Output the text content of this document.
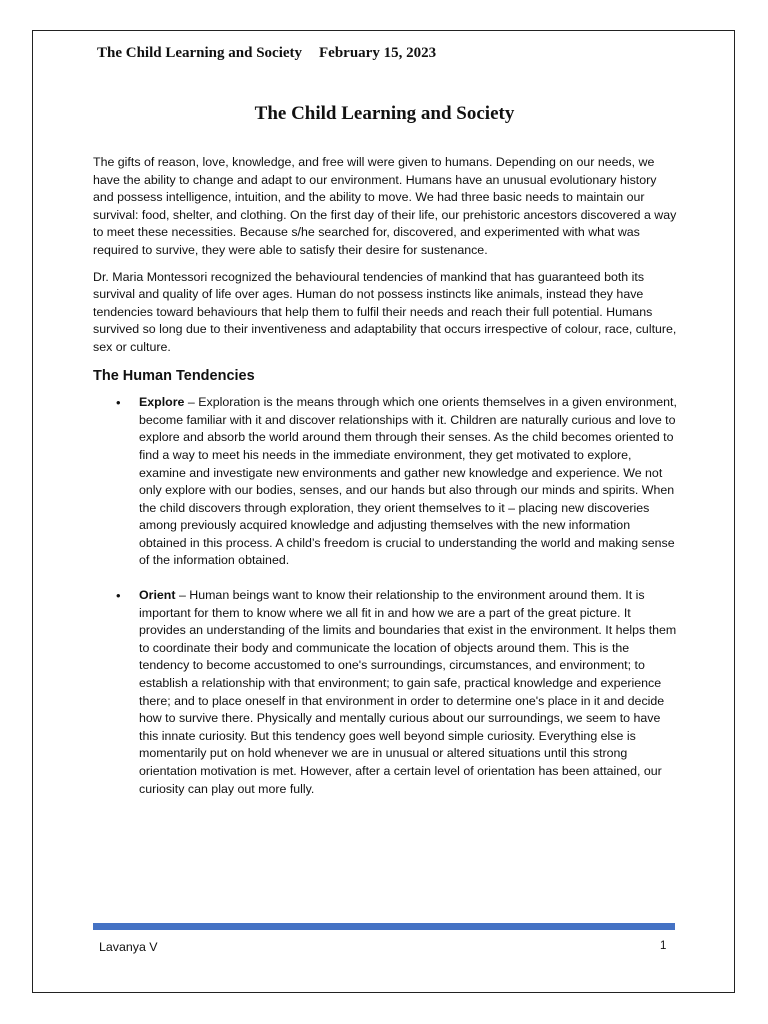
The Child Learning and Society February 15, 2023
The Child Learning and Society

The gifts of reason, love, knowledge, and free will were given to humans. Depending on our needs, we have the ability to change and adapt to our environment. Humans have an unusual evolutionary history and possess intelligence, intuition, and the ability to move. We had three basic needs to maintain our survival: food, shelter, and clothing. On the first day of their life, our prehistoric ancestors discovered a way to meet these necessities. Because s/he searched for, discovered, and experimented with what was required to survive, they were able to satisfy their desire for sustenance.

Dr. Maria Montessori recognized the behavioural tendencies of mankind that has guaranteed both its survival and quality of life over ages. Human do not possess instincts like animals, instead they have tendencies toward behaviours that help them to fulfil their needs and reach their full potential. Humans survived so long due to their inventiveness and adaptability that occurs irrespective of colour, race, culture, sex or culture.

The Human Tendencies
• Explore – Exploration is the means through which one orients themselves in a given environment, become familiar with it and discover relationships with it. Children are naturally curious and love to explore and absorb the world around them through their senses. As the child becomes oriented to find a way to meet his needs in the immediate environment, they get motivated to explore, examine and investigate new environments and gather new knowledge and experience. We not only explore with our bodies, senses, and our hands but also through our minds and spirits. When the child discovers through exploration, they orient themselves to it – placing new discoveries among previously acquired knowledge and adjusting themselves with the new information obtained in this process. A child’s freedom is crucial to understanding the world and making sense of the information obtained.
• Orient – Human beings want to know their relationship to the environment around them. It is important for them to know where we all fit in and how we are a part of the great picture. It provides an understanding of the limits and boundaries that exist in the environment. It helps them to coordinate their body and communicate the location of objects around them. This is the tendency to become accustomed to one's surroundings, circumstances, and environment; to establish a relationship with that environment; to gain safe, practical knowledge and experience there; and to place oneself in that environment in order to determine one's place in it and decide how to survive there. Physically and mentally curious about our surroundings, we seem to have this innate curiosity. But this tendency goes well beyond simple curiosity. Everything else is momentarily put on hold whenever we are in unusual or altered situations until this strong orientation motivation is met. However, after a certain level of orientation has been attained, our curiosity can play out more fully.
Lavanya V	1
